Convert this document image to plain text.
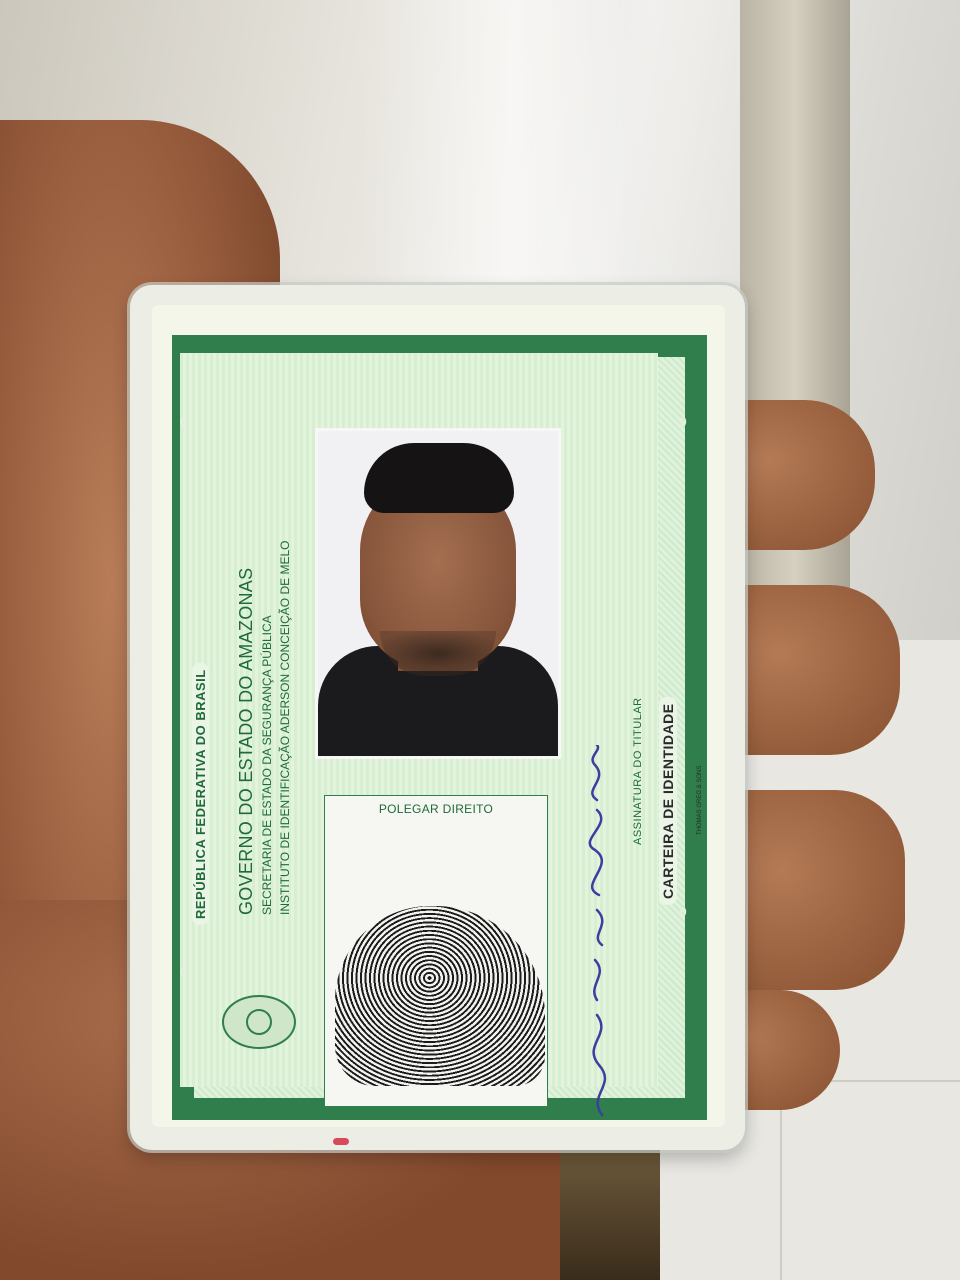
0
0
0
0
REPÚBLICA FEDERATIVA DO BRASIL GOVERNO DO ESTADO DO AMAZONAS SECRETARIA DE ESTADO DA SEGURANÇA PÚBLICA INSTITUTO DE IDENTIFICAÇÃO ADERSON CONCEIÇÃO DE MELO	POLEGAR DIREITO	ASSINATURA DO TITULAR CARTEIRA DE IDENTIDADE	THOMAS GREG & SONS
